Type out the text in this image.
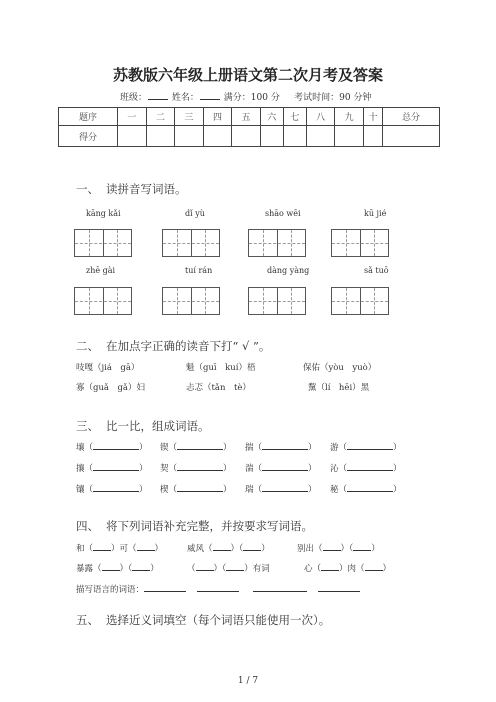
苏教版六年级上册语文第二次月考及答案
班级：	姓名：	满分：100 分 考试时间：90 分钟
题序	一	二	三	四	五	六	七	八	九	十	总分
得分											
一、 读拼音写词语。
kāng kǎi	dǐ yù	shāo wēi	kū jié
zhē gài	tuí rán	dàng yàng	sǎ tuō
二、 在加点字正确的读音下打“ √ ”。
吱嘎（jiá　gā）	魁（guī　kuí）梧	保佑（yòu　yuò）
寡（guǎ　gǎ）妇	忐忑（tǎn　tè）	黧（lí　hēi）黑
三、 比一比，组成词语。
壤（	） 锲（	） 揣（	） 游（	）
攘（	） 契（	） 湍（	） 沁（	）
镶（	） 楔（	） 瑞（	） 秘（	）
四、 将下列词语补充完整，并按要求写词语。
和（ ）可（ ）	威风（ ）（ ）	别出（ ）（ ）
暴露（ ）（ ）	（ ）（ ）有词	心（ ）肉（ ）
描写语言的词语：
五、 选择近义词填空（每个词语只能使用一次）。
1 / 7
